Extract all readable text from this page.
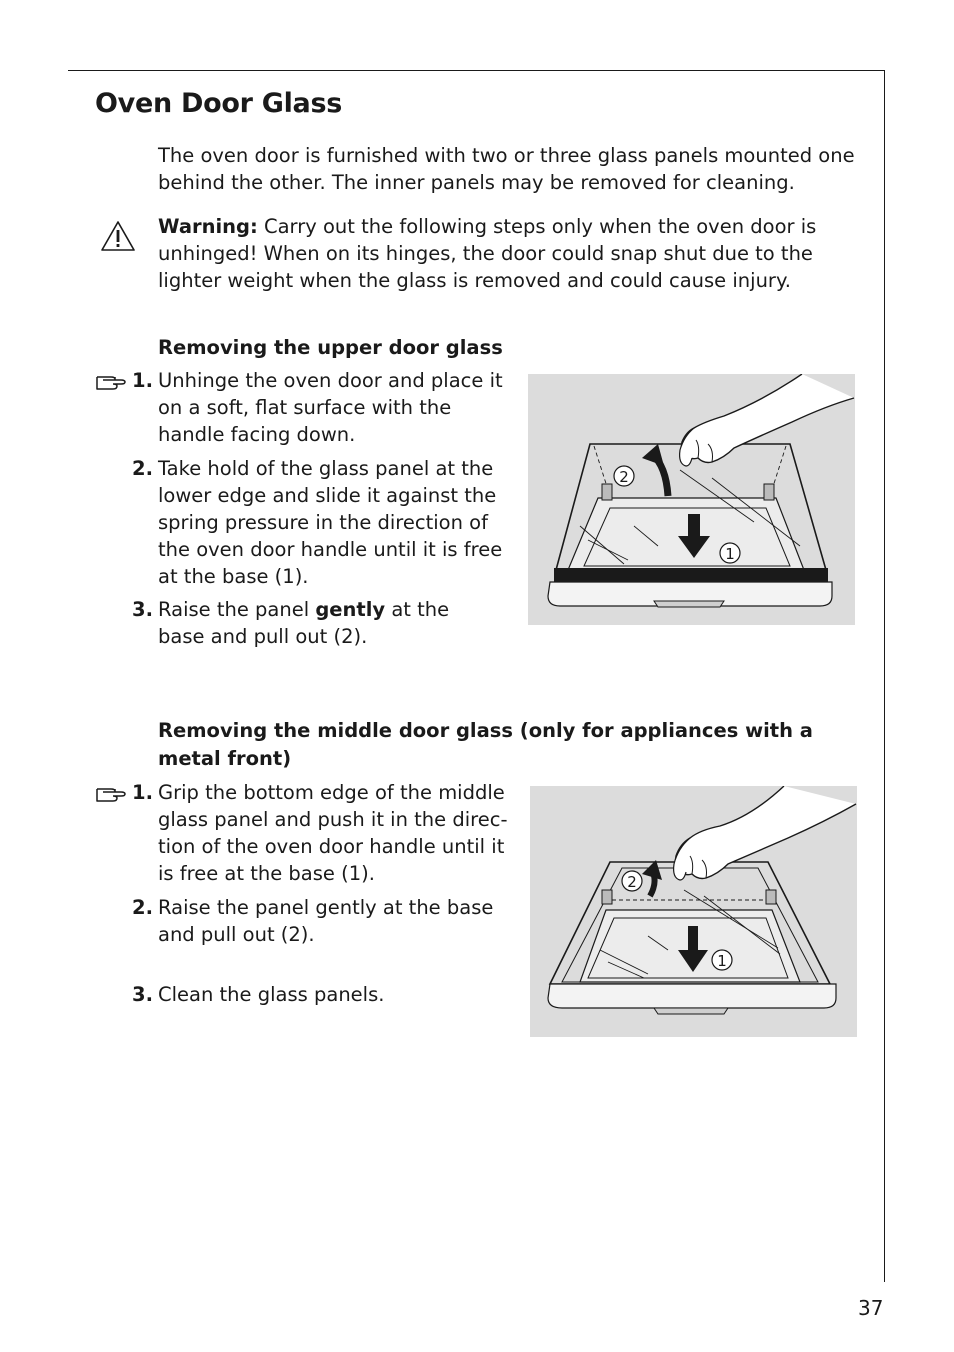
Oven Door Glass

The oven door is furnished with two or three glass panels mounted one behind the other. The inner panels may be removed for cleaning.

Warning: Carry out the following steps only when the oven door is unhinged! When on its hinges, the door could snap shut due to the lighter weight when the glass is removed and could cause injury.

Removing the upper door glass
1. Unhinge the oven door and place it on a soft, flat surface with the handle facing down.
2. Take hold of the glass panel at the lower edge and slide it against the spring pressure in the direction of the oven door handle until it is free at the base (1).
3. Raise the panel gently at the base and pull out (2).
2
1
Removing the middle door glass (only for appliances with a metal front)
1. Grip the bottom edge of the middle glass panel and push it in the direc-tion of the oven door handle until it is free at the base (1).
2. Raise the panel gently at the base and pull out (2).
3. Clean the glass panels.
2
1

37
